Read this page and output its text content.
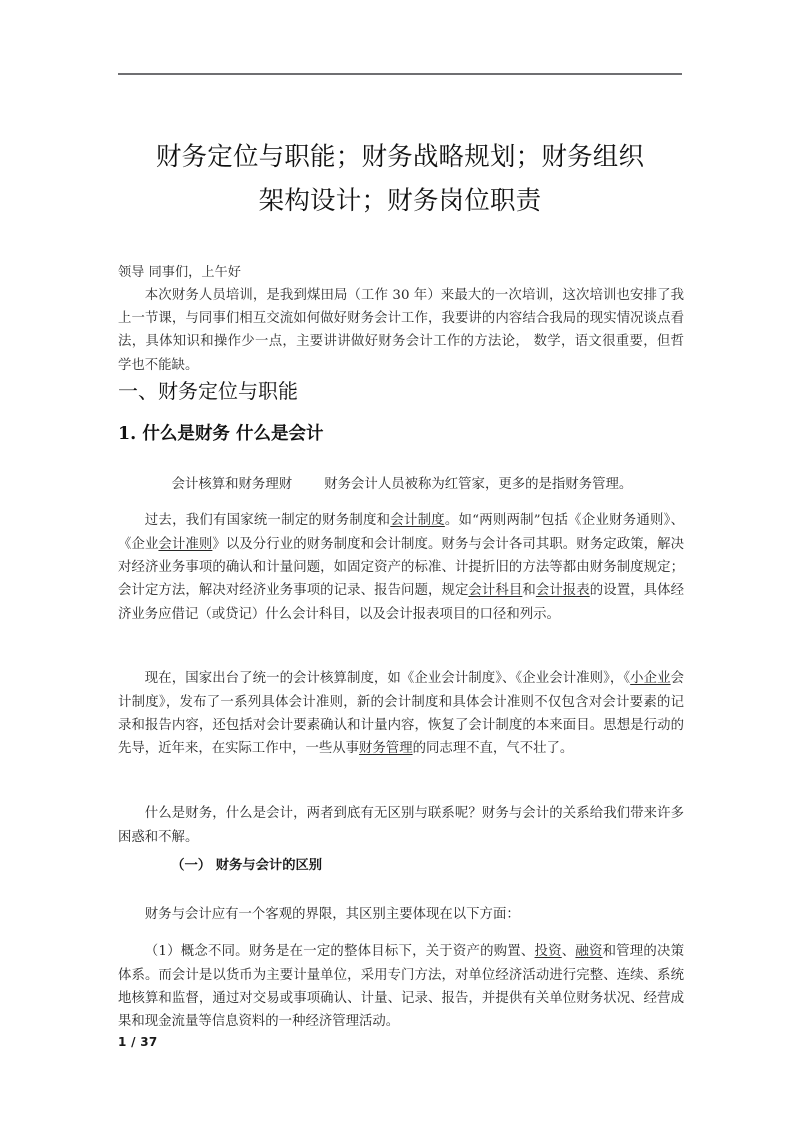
财务定位与职能；财务战略规划；财务组织
架构设计；财务岗位职责
领导 同事们，上午好
本次财务人员培训，是我到煤田局（工作 30 年）来最大的一次培训，这次培训也安排了我上一节课，与同事们相互交流如何做好财务会计工作，我要讲的内容结合我局的现实情况谈点看法，具体知识和操作少一点，主要讲讲做好财务会计工作的方法论， 数学，语文很重要，但哲学也不能缺。
一、财务定位与职能
1. 什么是财务 什么是会计

会计核算和财务理财 财务会计人员被称为红管家，更多的是指财务管理。

过去，我们有国家统一制定的财务制度和会计制度。如“两则两制”包括《企业财务通则》、《企业会计准则》以及分行业的财务制度和会计制度。财务与会计各司其职。财务定政策，解决对经济业务事项的确认和计量问题，如固定资产的标准、计提折旧的方法等都由财务制度规定；会计定方法，解决对经济业务事项的记录、报告问题，规定会计科目和会计报表的设置，具体经济业务应借记（或贷记）什么会计科目，以及会计报表项目的口径和列示。

现在，国家出台了统一的会计核算制度，如《企业会计制度》、《企业会计准则》，《小企业会计制度》，发布了一系列具体会计准则，新的会计制度和具体会计准则不仅包含对会计要素的记录和报告内容，还包括对会计要素确认和计量内容，恢复了会计制度的本来面目。思想是行动的先导，近年来，在实际工作中，一些从事财务管理的同志理不直，气不壮了。

什么是财务，什么是会计，两者到底有无区别与联系呢？财务与会计的关系给我们带来许多困惑和不解。

（一） 财务与会计的区别

财务与会计应有一个客观的界限，其区别主要体现在以下方面：

（1）概念不同。财务是在一定的整体目标下，关于资产的购置、投资、融资和管理的决策体系。而会计是以货币为主要计量单位，采用专门方法，对单位经济活动进行完整、连续、系统地核算和监督，通过对交易或事项确认、计量、记录、报告，并提供有关单位财务状况、经营成果和现金流量等信息资料的一种经济管理活动。

1 / 37
